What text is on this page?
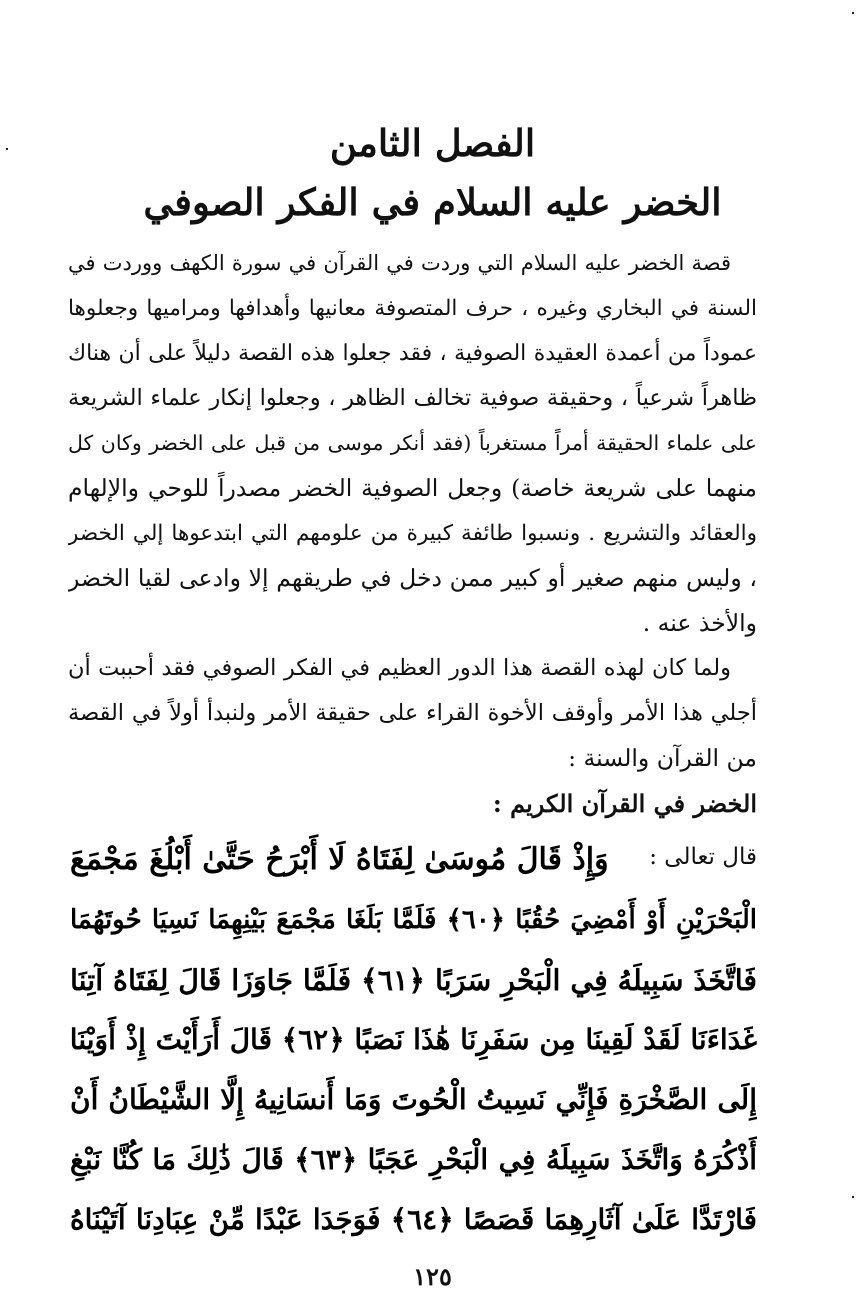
الفصل الثامن
الخضر عليه السلام في الفكر الصوفي
قصة الخضر عليه السلام التي وردت في القرآن في سورة الكهف ووردت في
السنة في البخاري وغيره ، حرف المتصوفة معانيها وأهدافها ومراميها وجعلوها
عموداً من أعمدة العقيدة الصوفية ، فقد جعلوا هذه القصة دليلاً على أن هناك
ظاهراً شرعياً ، وحقيقة صوفية تخالف الظاهر ، وجعلوا إنكار علماء الشريعة
على علماء الحقيقة أمراً مستغرباً (فقد أنكر موسى من قبل على الخضر وكان كل
منهما على شريعة خاصة) وجعل الصوفية الخضر مصدراً للوحي والإلهام
والعقائد والتشريع . ونسبوا طائفة كبيرة من علومهم التي ابتدعوها إلي الخضر
، وليس منهم صغير أو كبير ممن دخل في طريقهم إلا وادعى لقيا الخضر
والأخذ عنه .
ولما كان لهذه القصة هذا الدور العظيم في الفكر الصوفي فقد أحببت أن
أجلي هذا الأمر وأوقف الأخوة القراء على حقيقة الأمر ولنبدأ أولاً في القصة
من القرآن والسنة :
الخضر في القرآن الكريم :
قال تعالى :
وَإِذْ قَالَ مُوسَىٰ لِفَتَاهُ لَا أَبْرَحُ حَتَّىٰ أَبْلُغَ مَجْمَعَ
الْبَحْرَيْنِ أَوْ أَمْضِيَ حُقُبًا ﴿٦٠﴾ فَلَمَّا بَلَغَا مَجْمَعَ بَيْنِهِمَا نَسِيَا حُوتَهُمَا
فَاتَّخَذَ سَبِيلَهُ فِي الْبَحْرِ سَرَبًا ﴿٦١﴾ فَلَمَّا جَاوَزَا قَالَ لِفَتَاهُ آتِنَا
غَدَاءَنَا لَقَدْ لَقِينَا مِن سَفَرِنَا هَٰذَا نَصَبًا ﴿٦٢﴾ قَالَ أَرَأَيْتَ إِذْ أَوَيْنَا
إِلَى الصَّخْرَةِ فَإِنِّي نَسِيتُ الْحُوتَ وَمَا أَنسَانِيهُ إِلَّا الشَّيْطَانُ أَنْ
أَذْكُرَهُ وَاتَّخَذَ سَبِيلَهُ فِي الْبَحْرِ عَجَبًا ﴿٦٣﴾ قَالَ ذَٰلِكَ مَا كُنَّا نَبْغِ
فَارْتَدَّا عَلَىٰ آثَارِهِمَا قَصَصًا ﴿٦٤﴾ فَوَجَدَا عَبْدًا مِّنْ عِبَادِنَا آتَيْنَاهُ
١٢٥
